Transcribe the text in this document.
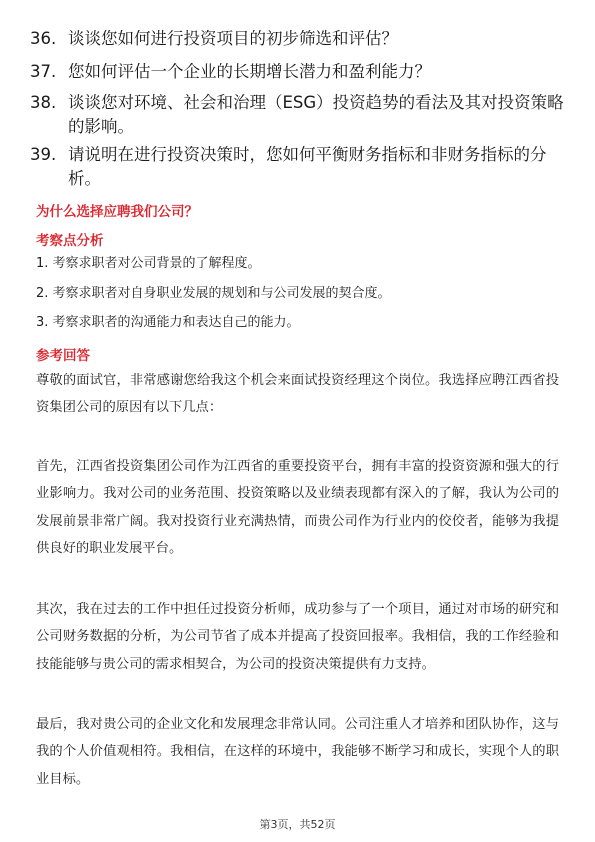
36. 谈谈您如何进行投资项目的初步筛选和评估？
37. 您如何评估一个企业的长期增长潜力和盈利能力？
38. 谈谈您对环境、社会和治理（ESG）投资趋势的看法及其对投资策略的影响。
39. 请说明在进行投资决策时，您如何平衡财务指标和非财务指标的分析。
为什么选择应聘我们公司？
考察点分析
1. 考察求职者对公司背景的了解程度。
2. 考察求职者对自身职业发展的规划和与公司发展的契合度。
3. 考察求职者的沟通能力和表达自己的能力。
参考回答
尊敬的面试官，非常感谢您给我这个机会来面试投资经理这个岗位。我选择应聘江西省投资集团公司的原因有以下几点：
首先，江西省投资集团公司作为江西省的重要投资平台，拥有丰富的投资资源和强大的行业影响力。我对公司的业务范围、投资策略以及业绩表现都有深入的了解，我认为公司的发展前景非常广阔。我对投资行业充满热情，而贵公司作为行业内的佼佼者，能够为我提供良好的职业发展平台。
其次，我在过去的工作中担任过投资分析师，成功参与了一个项目，通过对市场的研究和公司财务数据的分析，为公司节省了成本并提高了投资回报率。我相信，我的工作经验和技能能够与贵公司的需求相契合，为公司的投资决策提供有力支持。
最后，我对贵公司的企业文化和发展理念非常认同。公司注重人才培养和团队协作，这与我的个人价值观相符。我相信，在这样的环境中，我能够不断学习和成长，实现个人的职业目标。
第3页，共52页
